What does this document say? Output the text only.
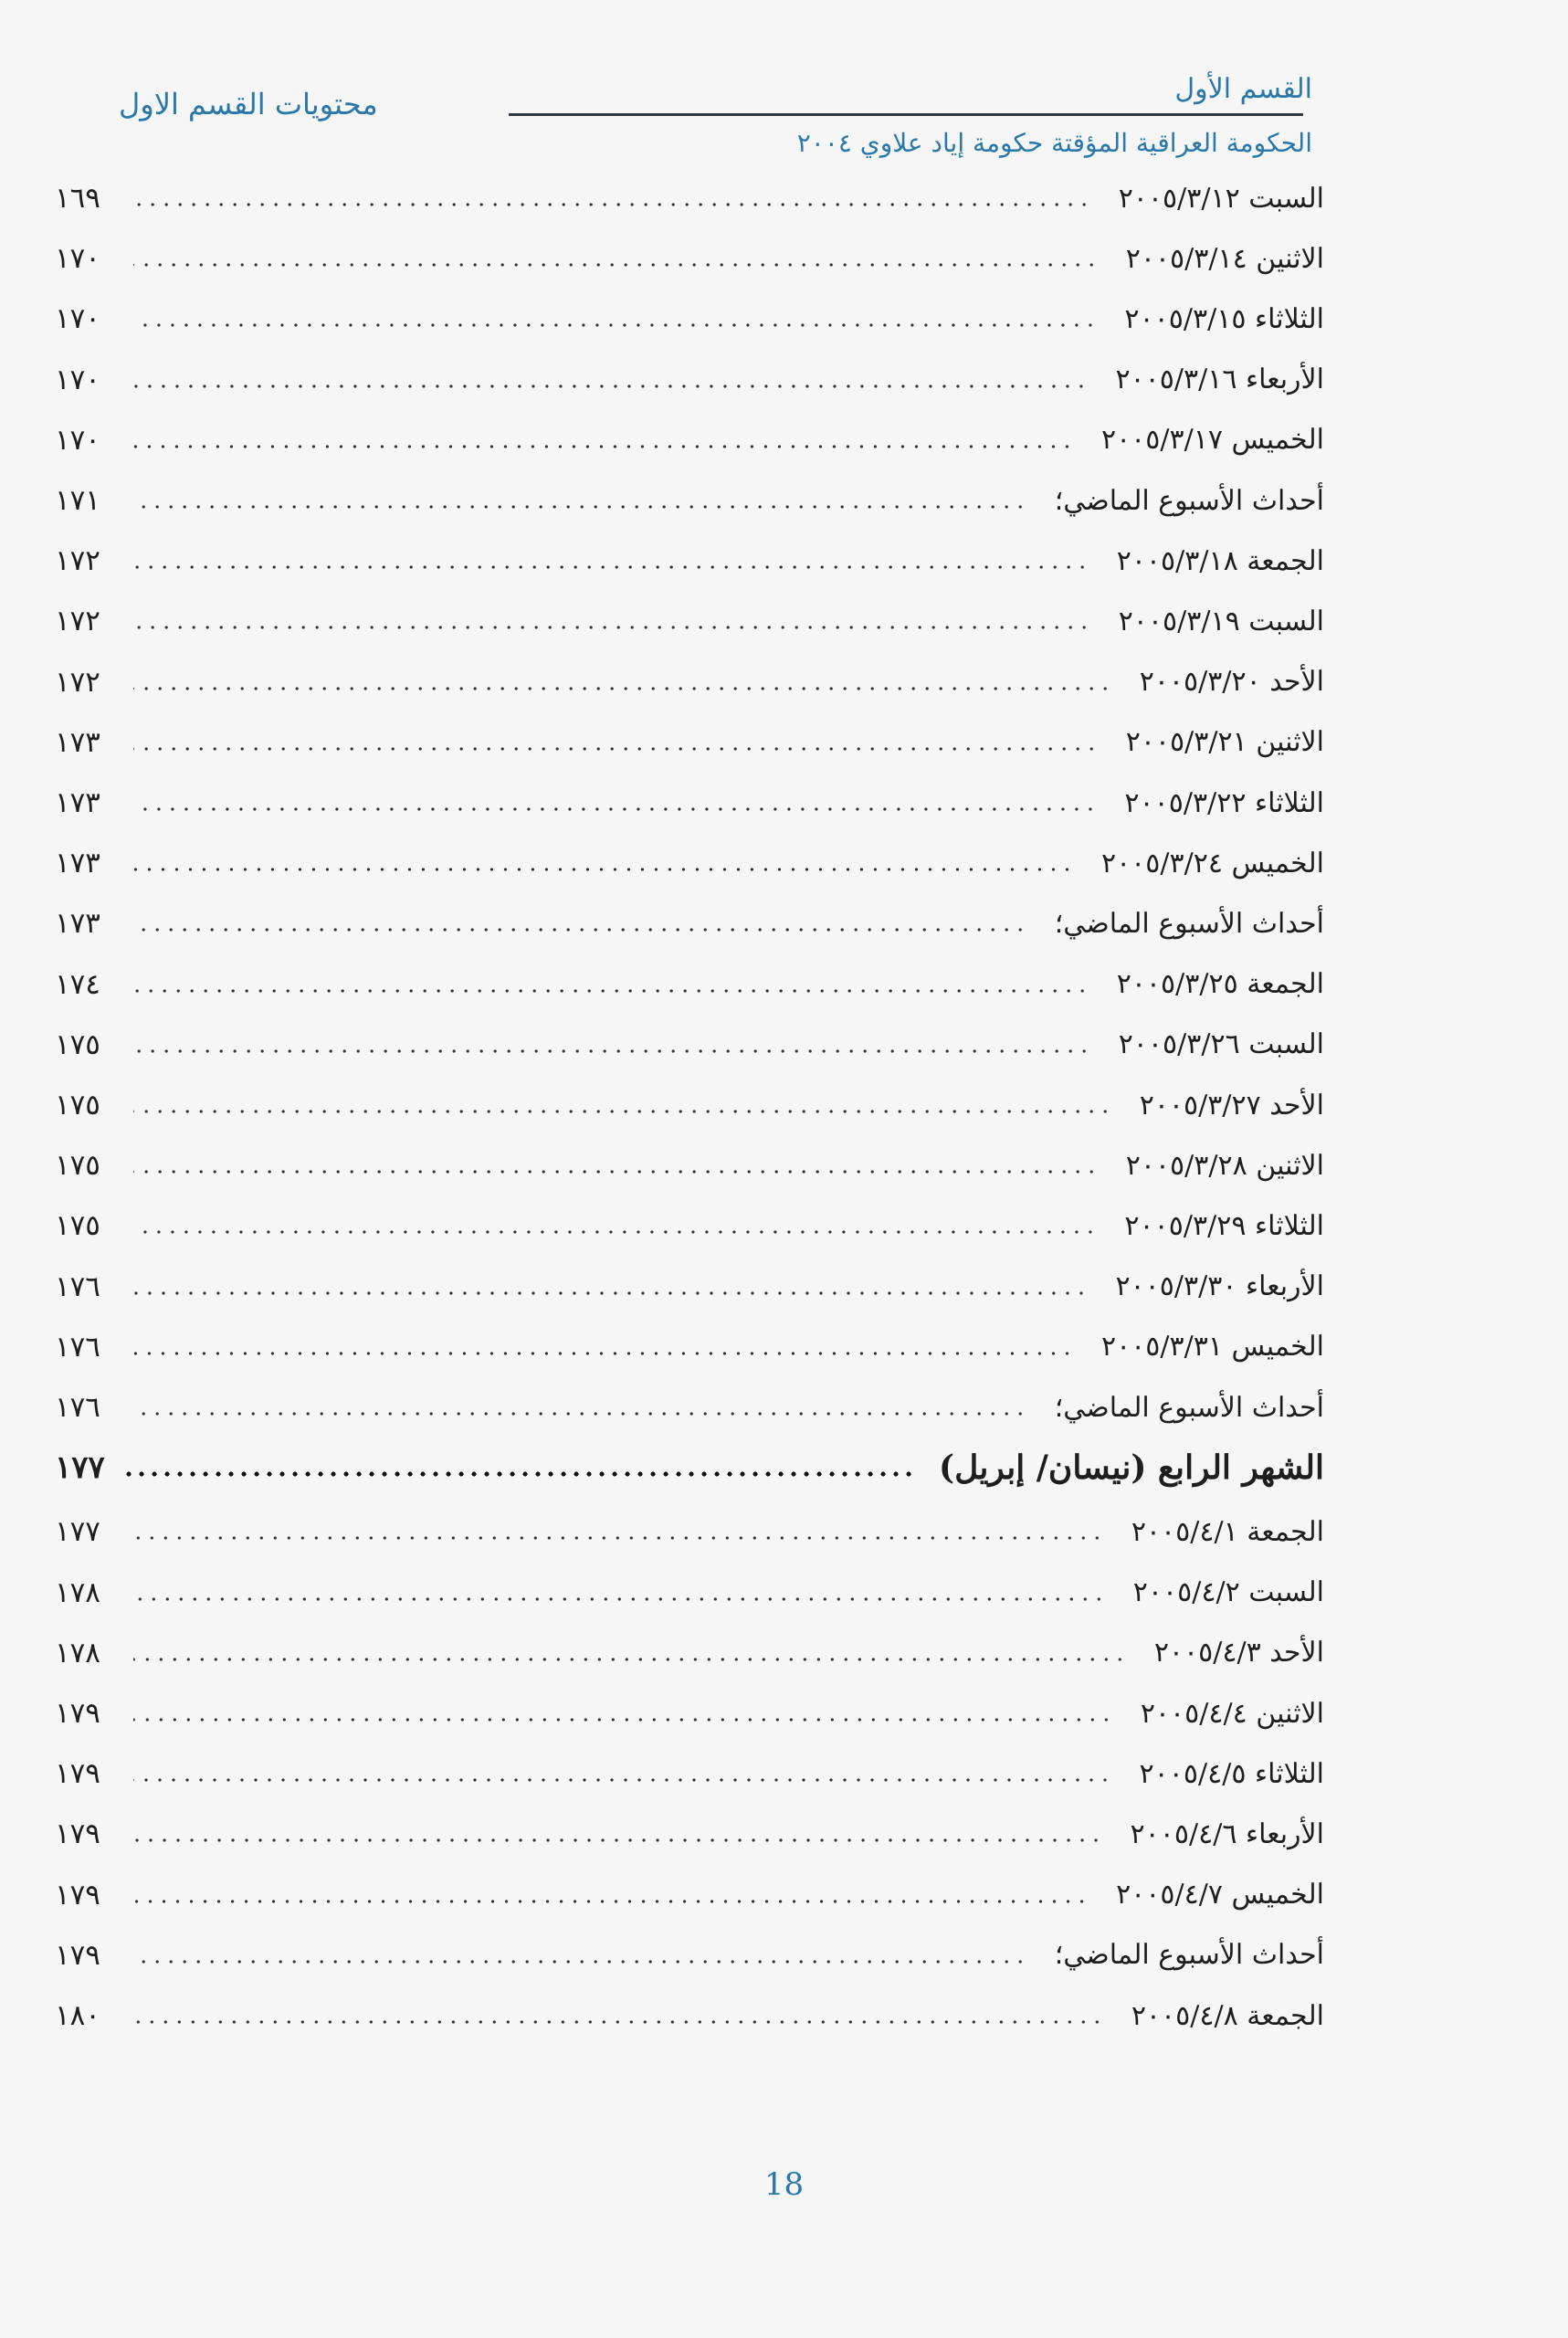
القسم الأول
الحكومة العراقية المؤقتة حكومة إياد علاوي ٢٠٠٤
محتويات القسم الاول
السبت ٢٠٠٥/٣/١٢
١٦٩
الاثنين ٢٠٠٥/٣/١٤
١٧٠
الثلاثاء ٢٠٠٥/٣/١٥
١٧٠
الأربعاء ٢٠٠٥/٣/١٦
١٧٠
الخميس ٢٠٠٥/٣/١٧
١٧٠
أحداث الأسبوع الماضي؛
١٧١
الجمعة ٢٠٠٥/٣/١٨
١٧٢
السبت ٢٠٠٥/٣/١٩
١٧٢
الأحد ٢٠٠٥/٣/٢٠
١٧٢
الاثنين ٢٠٠٥/٣/٢١
١٧٣
الثلاثاء ٢٠٠٥/٣/٢٢
١٧٣
الخميس ٢٠٠٥/٣/٢٤
١٧٣
أحداث الأسبوع الماضي؛
١٧٣
الجمعة ٢٠٠٥/٣/٢٥
١٧٤
السبت ٢٠٠٥/٣/٢٦
١٧٥
الأحد ٢٠٠٥/٣/٢٧
١٧٥
الاثنين ٢٠٠٥/٣/٢٨
١٧٥
الثلاثاء ٢٠٠٥/٣/٢٩
١٧٥
الأربعاء ٢٠٠٥/٣/٣٠
١٧٦
الخميس ٢٠٠٥/٣/٣١
١٧٦
أحداث الأسبوع الماضي؛
١٧٦
الشهر الرابع (نيسان/ إبريل)
١٧٧
الجمعة ٢٠٠٥/٤/١
١٧٧
السبت ٢٠٠٥/٤/٢
١٧٨
الأحد ٢٠٠٥/٤/٣
١٧٨
الاثنين ٢٠٠٥/٤/٤
١٧٩
الثلاثاء ٢٠٠٥/٤/٥
١٧٩
الأربعاء ٢٠٠٥/٤/٦
١٧٩
الخميس ٢٠٠٥/٤/٧
١٧٩
أحداث الأسبوع الماضي؛
١٧٩
الجمعة ٢٠٠٥/٤/٨
١٨٠
18
